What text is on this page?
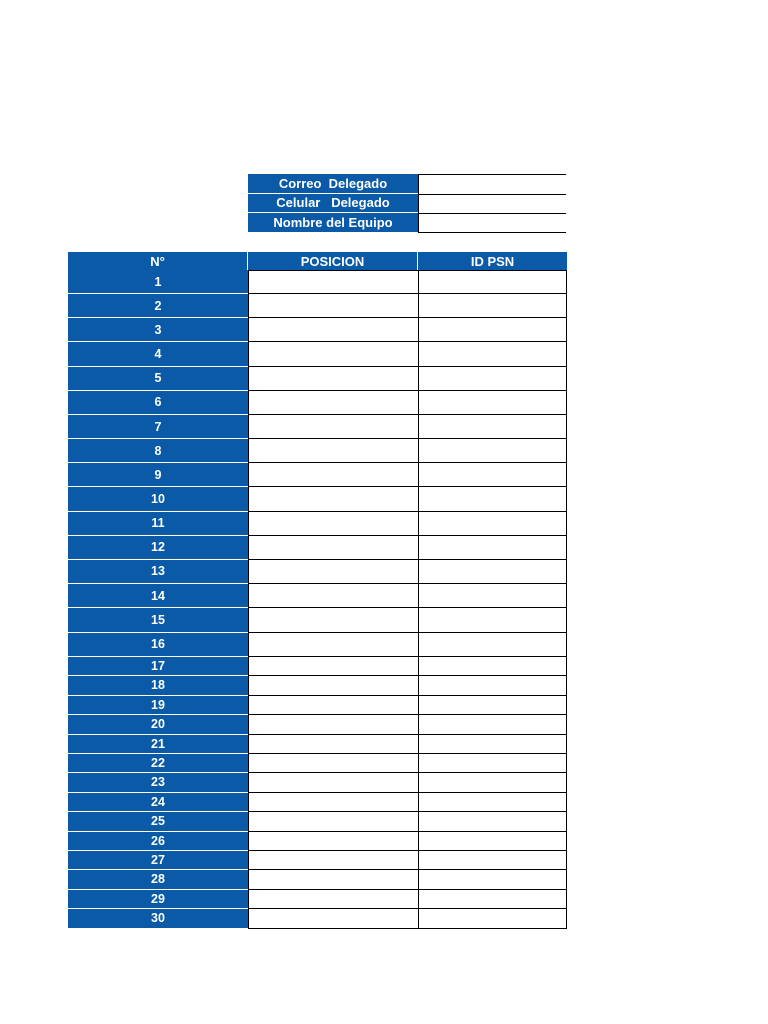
Correo  Delegado
Celular   Delegado
Nombre del Equipo
N°	POSICION	ID PSN
1
2
3
4
5
6
7
8
9
10
11
12
13
14
15
16
17
18
19
20
21
22
23
24
25
26
27
28
29
30
